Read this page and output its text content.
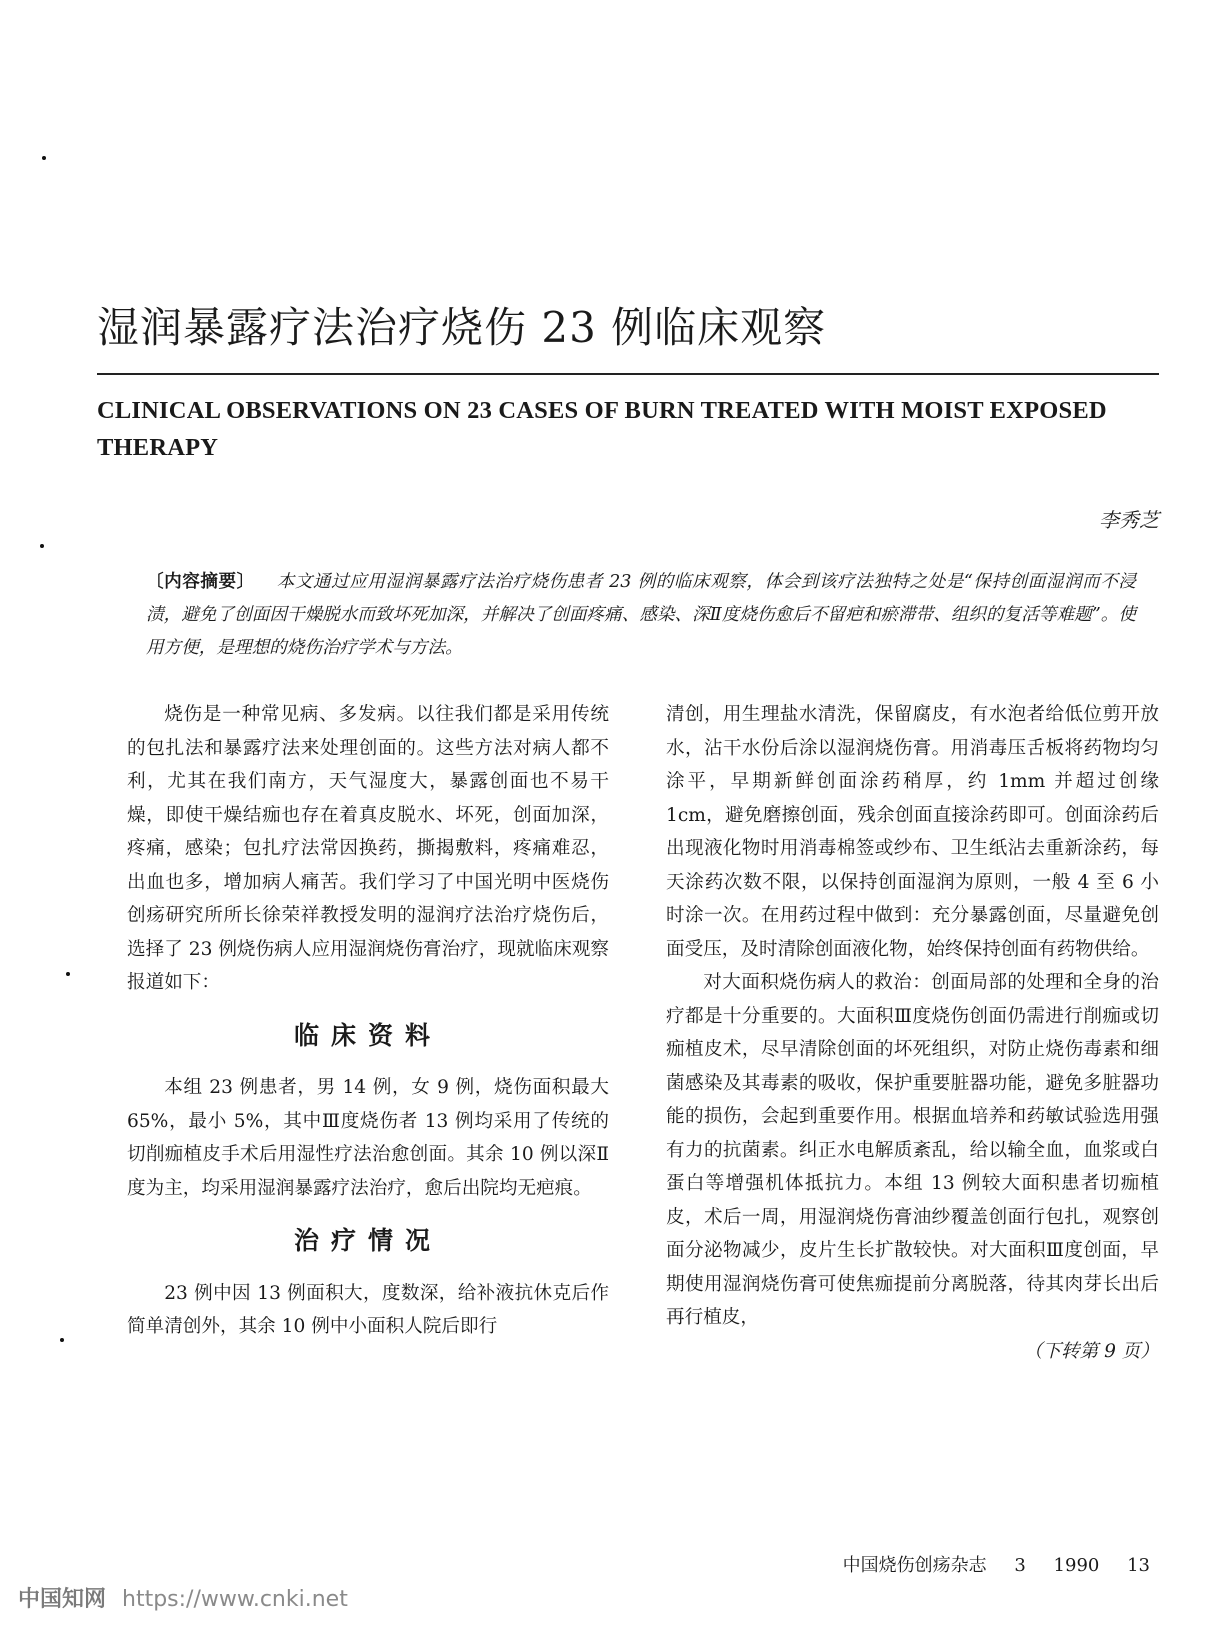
湿润暴露疗法治疗烧伤 23 例临床观察
CLINICAL OBSERVATIONS ON 23 CASES OF BURN TREATED WITH MOIST EXPOSED THERAPY
李秀芝
〔内容摘要〕 本文通过应用湿润暴露疗法治疗烧伤患者 23 例的临床观察，体会到该疗法独特之处是“保持创面湿润而不浸渍，避免了创面因干燥脱水而致坏死加深，并解决了创面疼痛、感染、深Ⅱ度烧伤愈后不留疤和瘀滞带、组织的复活等难题”。使用方便，是理想的烧伤治疗学术与方法。

烧伤是一种常见病、多发病。以往我们都是采用传统的包扎法和暴露疗法来处理创面的。这些方法对病人都不利，尤其在我们南方，天气湿度大，暴露创面也不易干燥，即使干燥结痂也存在着真皮脱水、坏死，创面加深，疼痛，感染；包扎疗法常因换药，撕揭敷料，疼痛难忍，出血也多，增加病人痛苦。我们学习了中国光明中医烧伤创疡研究所所长徐荣祥教授发明的湿润疗法治疗烧伤后，选择了 23 例烧伤病人应用湿润烧伤膏治疗，现就临床观察报道如下：

临床资料

本组 23 例患者，男 14 例，女 9 例，烧伤面积最大 65%，最小 5%，其中Ⅲ度烧伤者 13 例均采用了传统的切削痂植皮手术后用湿性疗法治愈创面。其余 10 例以深Ⅱ度为主，均采用湿润暴露疗法治疗，愈后出院均无疤痕。

治疗情况

23 例中因 13 例面积大，度数深，给补液抗休克后作简单清创外，其余 10 例中小面积人院后即行

清创，用生理盐水清洗，保留腐皮，有水泡者给低位剪开放水，沾干水份后涂以湿润烧伤膏。用消毒压舌板将药物均匀涂平，早期新鲜创面涂药稍厚，约 1mm 并超过创缘 1cm，避免磨擦创面，残余创面直接涂药即可。创面涂药后出现液化物时用消毒棉签或纱布、卫生纸沾去重新涂药，每天涂药次数不限，以保持创面湿润为原则，一般 4 至 6 小时涂一次。在用药过程中做到：充分暴露创面，尽量避免创面受压，及时清除创面液化物，始终保持创面有药物供给。

对大面积烧伤病人的救治：创面局部的处理和全身的治疗都是十分重要的。大面积Ⅲ度烧伤创面仍需进行削痂或切痂植皮术，尽早清除创面的坏死组织，对防止烧伤毒素和细菌感染及其毒素的吸收，保护重要脏器功能，避免多脏器功能的损伤，会起到重要作用。根据血培养和药敏试验选用强有力的抗菌素。纠正水电解质紊乱，给以输全血，血浆或白蛋白等增强机体抵抗力。本组 13 例较大面积患者切痂植皮，术后一周，用湿润烧伤膏油纱覆盖创面行包扎，观察创面分泌物减少，皮片生长扩散较快。对大面积Ⅲ度创面，早期使用湿润烧伤膏可使焦痂提前分离脱落，待其肉芽长出后再行植皮，

（下转第 9 页）

中国烧伤创疡杂志 3 1990 13
中国知网 https://www.cnki.net
